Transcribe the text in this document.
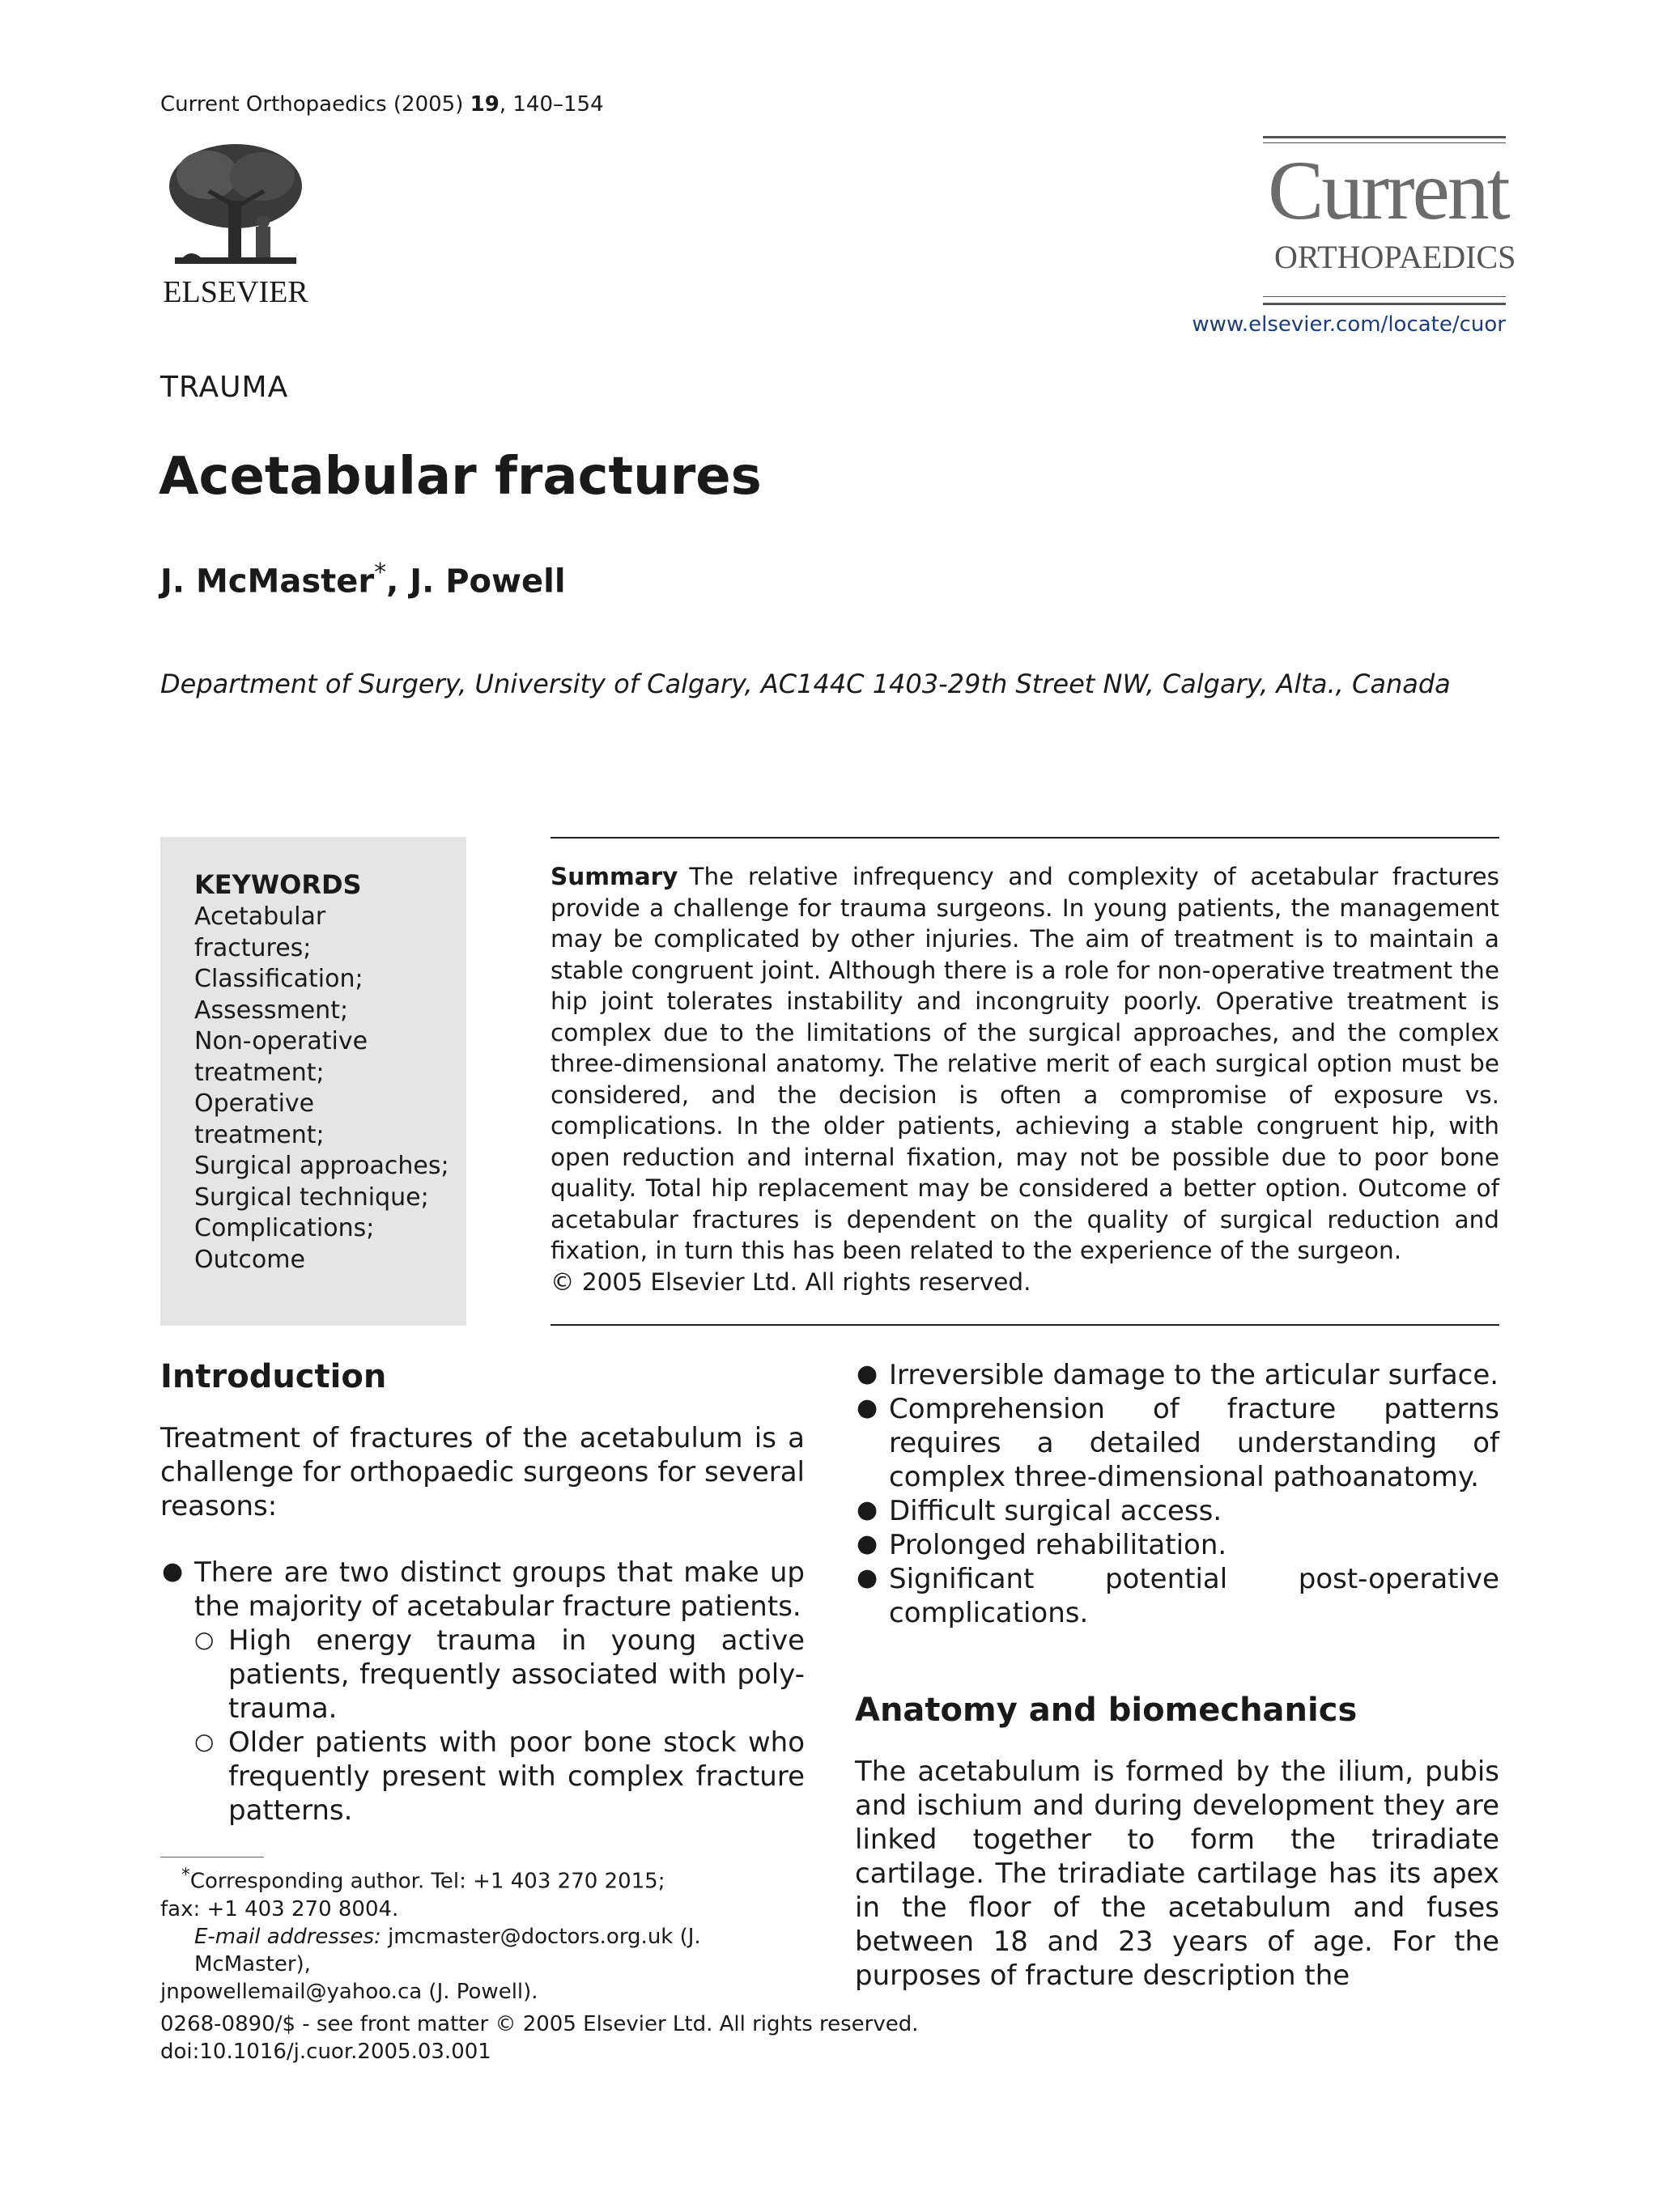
Current Orthopaedics (2005) 19, 140–154
ELSEVIER
Current
ORTHOPAEDICS
www.elsevier.com/locate/cuor
TRAUMA
Acetabular fractures
J. McMaster*, J. Powell
Department of Surgery, University of Calgary, AC144C 1403-29th Street NW, Calgary, Alta., Canada
KEYWORDS
Acetabular
fractures;
Classification;
Assessment;
Non-operative
treatment;
Operative
treatment;
Surgical approaches;
Surgical technique;
Complications;
Outcome
Summary The relative infrequency and complexity of acetabular fractures provide a challenge for trauma surgeons. In young patients, the management may be complicated by other injuries. The aim of treatment is to maintain a stable congruent joint. Although there is a role for non-operative treatment the hip joint tolerates instability and incongruity poorly. Operative treatment is complex due to the limitations of the surgical approaches, and the complex three-dimensional anatomy. The relative merit of each surgical option must be considered, and the decision is often a compromise of exposure vs. complications. In the older patients, achieving a stable congruent hip, with open reduction and internal fixation, may not be possible due to poor bone quality. Total hip replacement may be considered a better option. Outcome of acetabular fractures is dependent on the quality of surgical reduction and fixation, in turn this has been related to the experience of the surgeon.
© 2005 Elsevier Ltd. All rights reserved.
Introduction
Treatment of fractures of the acetabulum is a challenge for orthopaedic surgeons for several reasons:
● There are two distinct groups that make up the majority of acetabular fracture patients.
○ High energy trauma in young active patients, frequently associated with poly-trauma.
○ Older patients with poor bone stock who frequently present with complex fracture patterns.
*Corresponding author. Tel: +1 403 270 2015;
fax: +1 403 270 8004.
E-mail addresses: jmcmaster@doctors.org.uk (J. McMaster),
jnpowellemail@yahoo.ca (J. Powell).
0268-0890/$ - see front matter © 2005 Elsevier Ltd. All rights reserved.
doi:10.1016/j.cuor.2005.03.001
● Irreversible damage to the articular surface.
● Comprehension of fracture patterns requires a detailed understanding of complex three-dimensional pathoanatomy.
● Difficult surgical access.
● Prolonged rehabilitation.
● Significant potential post-operative complications.
Anatomy and biomechanics
The acetabulum is formed by the ilium, pubis and ischium and during development they are linked together to form the triradiate cartilage. The triradiate cartilage has its apex in the floor of the acetabulum and fuses between 18 and 23 years of age. For the purposes of fracture description the
